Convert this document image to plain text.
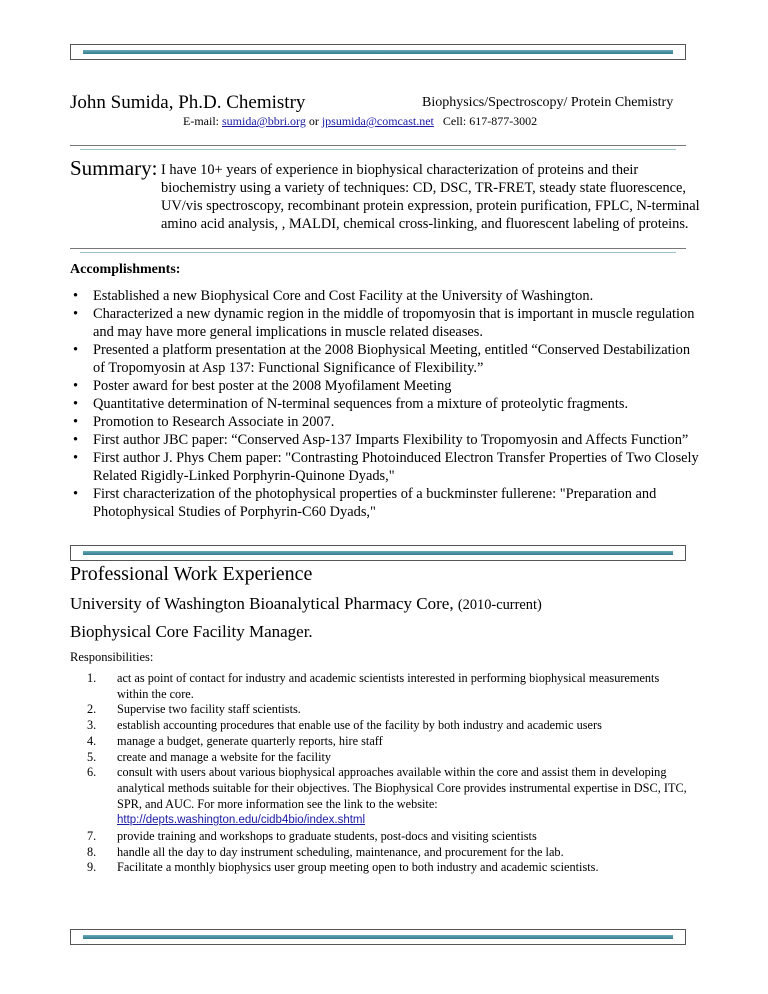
John Sumida, Ph.D. Chemistry	Biophysics/Spectroscopy/ Protein Chemistry
E-mail: sumida@bbri.org or jpsumida@comcast.net Cell: 617-877-3002
Summary: I have 10+ years of experience in biophysical characterization of proteins and their biochemistry using a variety of techniques: CD, DSC, TR-FRET, steady state fluorescence, UV/vis spectroscopy, recombinant protein expression, protein purification, FPLC, N-terminal amino acid analysis, , MALDI, chemical cross-linking, and fluorescent labeling of proteins.
Accomplishments:
• Established a new Biophysical Core and Cost Facility at the University of Washington.
• Characterized a new dynamic region in the middle of tropomyosin that is important in muscle regulation and may have more general implications in muscle related diseases.
• Presented a platform presentation at the 2008 Biophysical Meeting, entitled “Conserved Destabilization of Tropomyosin at Asp 137: Functional Significance of Flexibility.”
• Poster award for best poster at the 2008 Myofilament Meeting
• Quantitative determination of N-terminal sequences from a mixture of proteolytic fragments.
• Promotion to Research Associate in 2007.
• First author JBC paper: “Conserved Asp-137 Imparts Flexibility to Tropomyosin and Affects Function”
• First author J. Phys Chem paper: "Contrasting Photoinduced Electron Transfer Properties of Two Closely Related Rigidly-Linked Porphyrin-Quinone Dyads,"
• First characterization of the photophysical properties of a buckminster fullerene: "Preparation and Photophysical Studies of Porphyrin-C60 Dyads,"
Professional Work Experience
University of Washington Bioanalytical Pharmacy Core, (2010-current)
Biophysical Core Facility Manager.
Responsibilities:
1. act as point of contact for industry and academic scientists interested in performing biophysical measurements within the core.
2. Supervise two facility staff scientists.
3. establish accounting procedures that enable use of the facility by both industry and academic users
4. manage a budget, generate quarterly reports, hire staff
5. create and manage a website for the facility
6. consult with users about various biophysical approaches available within the core and assist them in developing analytical methods suitable for their objectives. The Biophysical Core provides instrumental expertise in DSC, ITC, SPR, and AUC. For more information see the link to the website:
http://depts.washington.edu/cidb4bio/index.shtml
7. provide training and workshops to graduate students, post-docs and visiting scientists
8. handle all the day to day instrument scheduling, maintenance, and procurement for the lab.
9. Facilitate a monthly biophysics user group meeting open to both industry and academic scientists.
